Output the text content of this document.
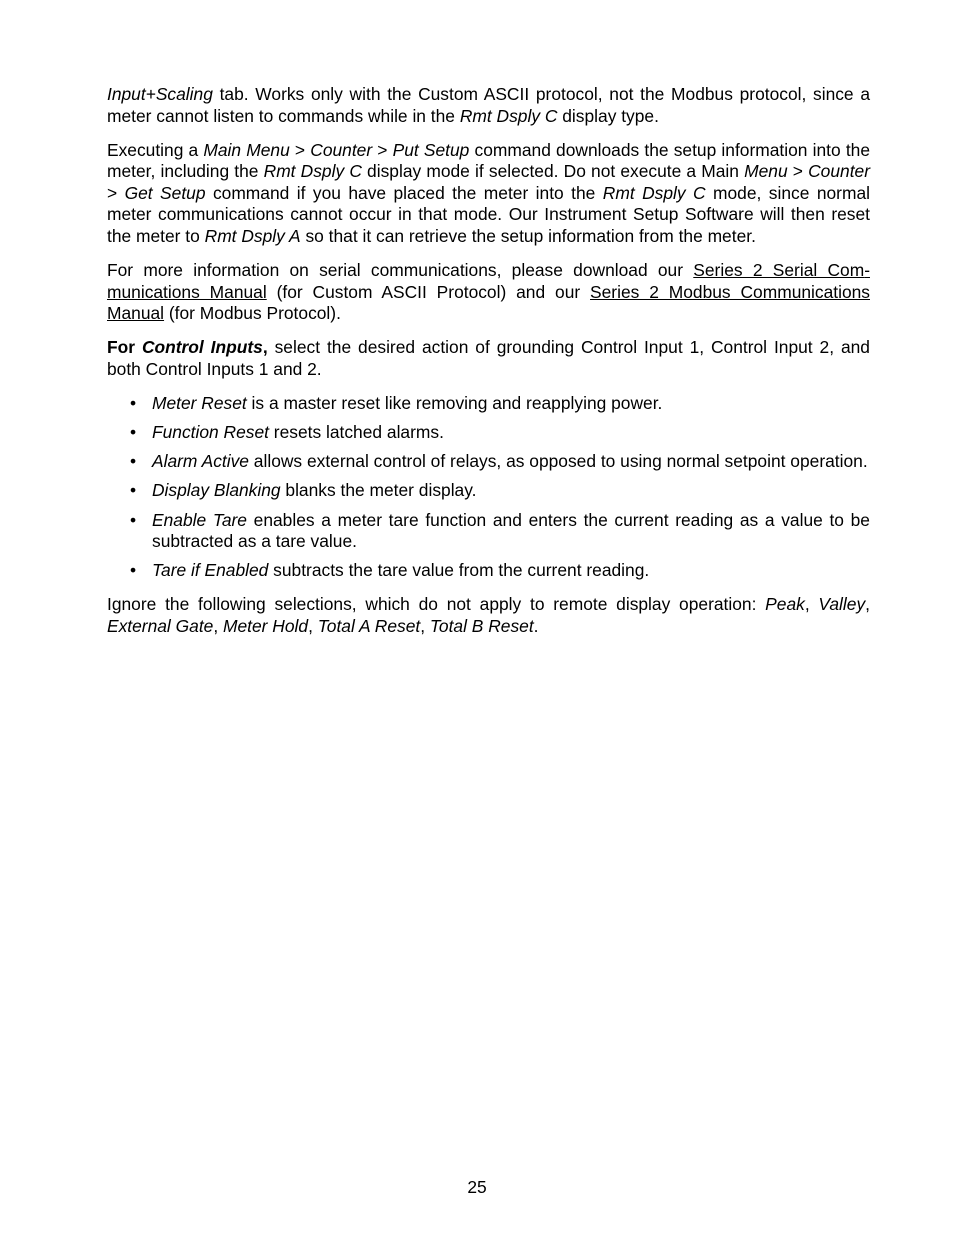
Input+Scaling tab. Works only with the Custom ASCII protocol, not the Modbus protocol, since a meter cannot listen to commands while in the Rmt Dsply C display type.

Executing a Main Menu > Counter > Put Setup command downloads the setup information into the meter, including the Rmt Dsply C display mode if selected. Do not execute a Main Menu > Counter > Get Setup command if you have placed the meter into the Rmt Dsply C mode, since normal meter communications cannot occur in that mode. Our Instrument Setup Software will then reset the meter to Rmt Dsply A so that it can retrieve the setup information from the meter.

For more information on serial communications, please download our Series 2 Serial Communications Manual (for Custom ASCII Protocol) and our Series 2 Modbus Communications Manual (for Modbus Protocol).

For Control Inputs, select the desired action of grounding Control Input 1, Control Input 2, and both Control Inputs 1 and 2.

• Meter Reset is a master reset like removing and reapplying power.
• Function Reset resets latched alarms.
• Alarm Active allows external control of relays, as opposed to using normal setpoint operation.
• Display Blanking blanks the meter display.
• Enable Tare enables a meter tare function and enters the current reading as a value to be subtracted as a tare value.
• Tare if Enabled subtracts the tare value from the current reading.

Ignore the following selections, which do not apply to remote display operation: Peak, Valley, External Gate, Meter Hold, Total A Reset, Total B Reset.

25
